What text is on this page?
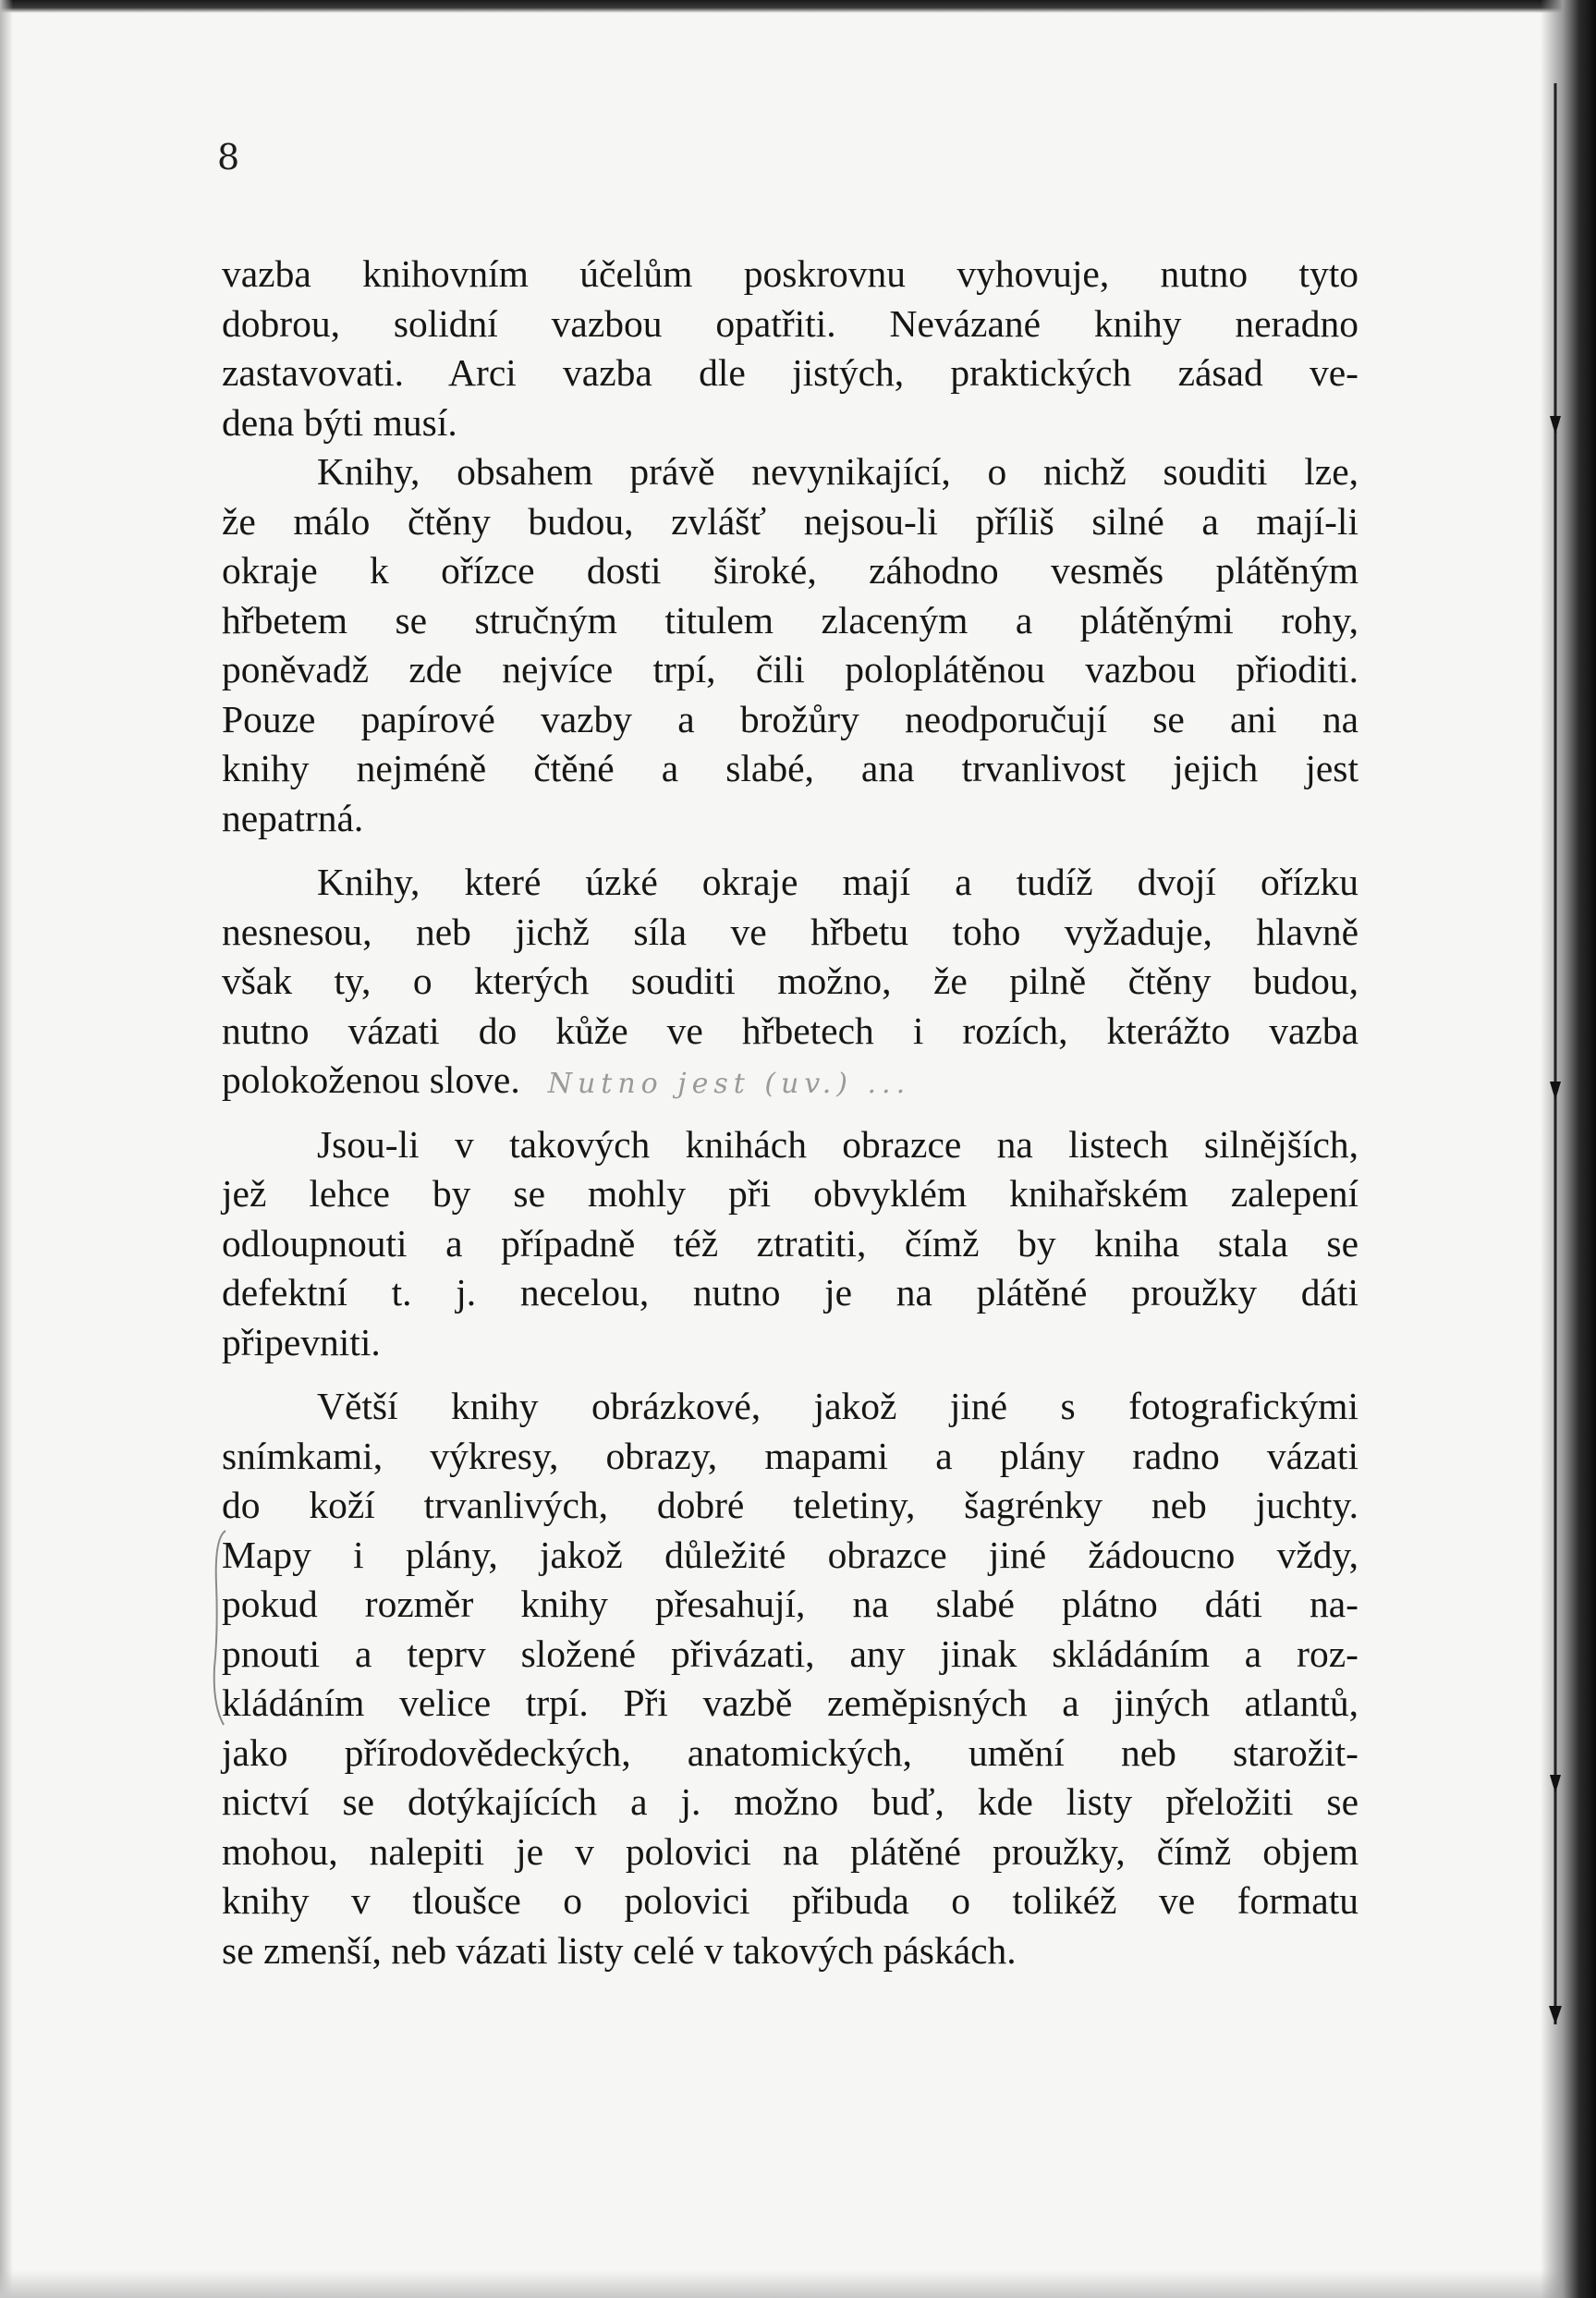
8
vazba knihovním účelům poskrovnu vyhovuje, nutno tyto
dobrou, solidní vazbou opatřiti. Nevázané knihy neradno
zastavovati. Arci vazba dle jistých, praktických zásad ve-
dena býti musí.
Knihy, obsahem právě nevynikající, o nichž souditi lze,
že málo čtěny budou, zvlášť nejsou-li příliš silné a mají-li
okraje k ořízce dosti široké, záhodno vesměs plátěným
hřbetem se stručným titulem zlaceným a plátěnými rohy,
poněvadž zde nejvíce trpí, čili poloplátěnou vazbou přioditi.
Pouze papírové vazby a brožůry neodporučují se ani na
knihy nejméně čtěné a slabé, ana trvanlivost jejich jest
nepatrná.
Knihy, které úzké okraje mají a tudíž dvojí ořízku
nesnesou, neb jichž síla ve hřbetu toho vyžaduje, hlavně
však ty, o kterých souditi možno, že pilně čtěny budou,
nutno vázati do kůže ve hřbetech i rozích, kterážto vazba
polokoženou slove. Nutno jest (uv.) ...
Jsou-li v takových knihách obrazce na listech silnějších,
jež lehce by se mohly při obvyklém knihařském zalepení
odloupnouti a případně též ztratiti, čímž by kniha stala se
defektní t. j. necelou, nutno je na plátěné proužky dáti
připevniti.
Větší knihy obrázkové, jakož jiné s fotografickými
snímkami, výkresy, obrazy, mapami a plány radno vázati
do koží trvanlivých, dobré teletiny, šagrénky neb juchty.
Mapy i plány, jakož důležité obrazce jiné žádoucno vždy,
pokud rozměr knihy přesahují, na slabé plátno dáti na-
pnouti a teprv složené přivázati, any jinak skládáním a roz-
kládáním velice trpí. Při vazbě zeměpisných a jiných atlantů,
jako přírodovědeckých, anatomických, umění neb starožit-
nictví se dotýkajících a j. možno buď, kde listy přeložiti se
mohou, nalepiti je v polovici na plátěné proužky, čímž objem
knihy v tloušce o polovici přibuda o tolikéž ve formatu
se zmenší, neb vázati listy celé v takových páskách.
